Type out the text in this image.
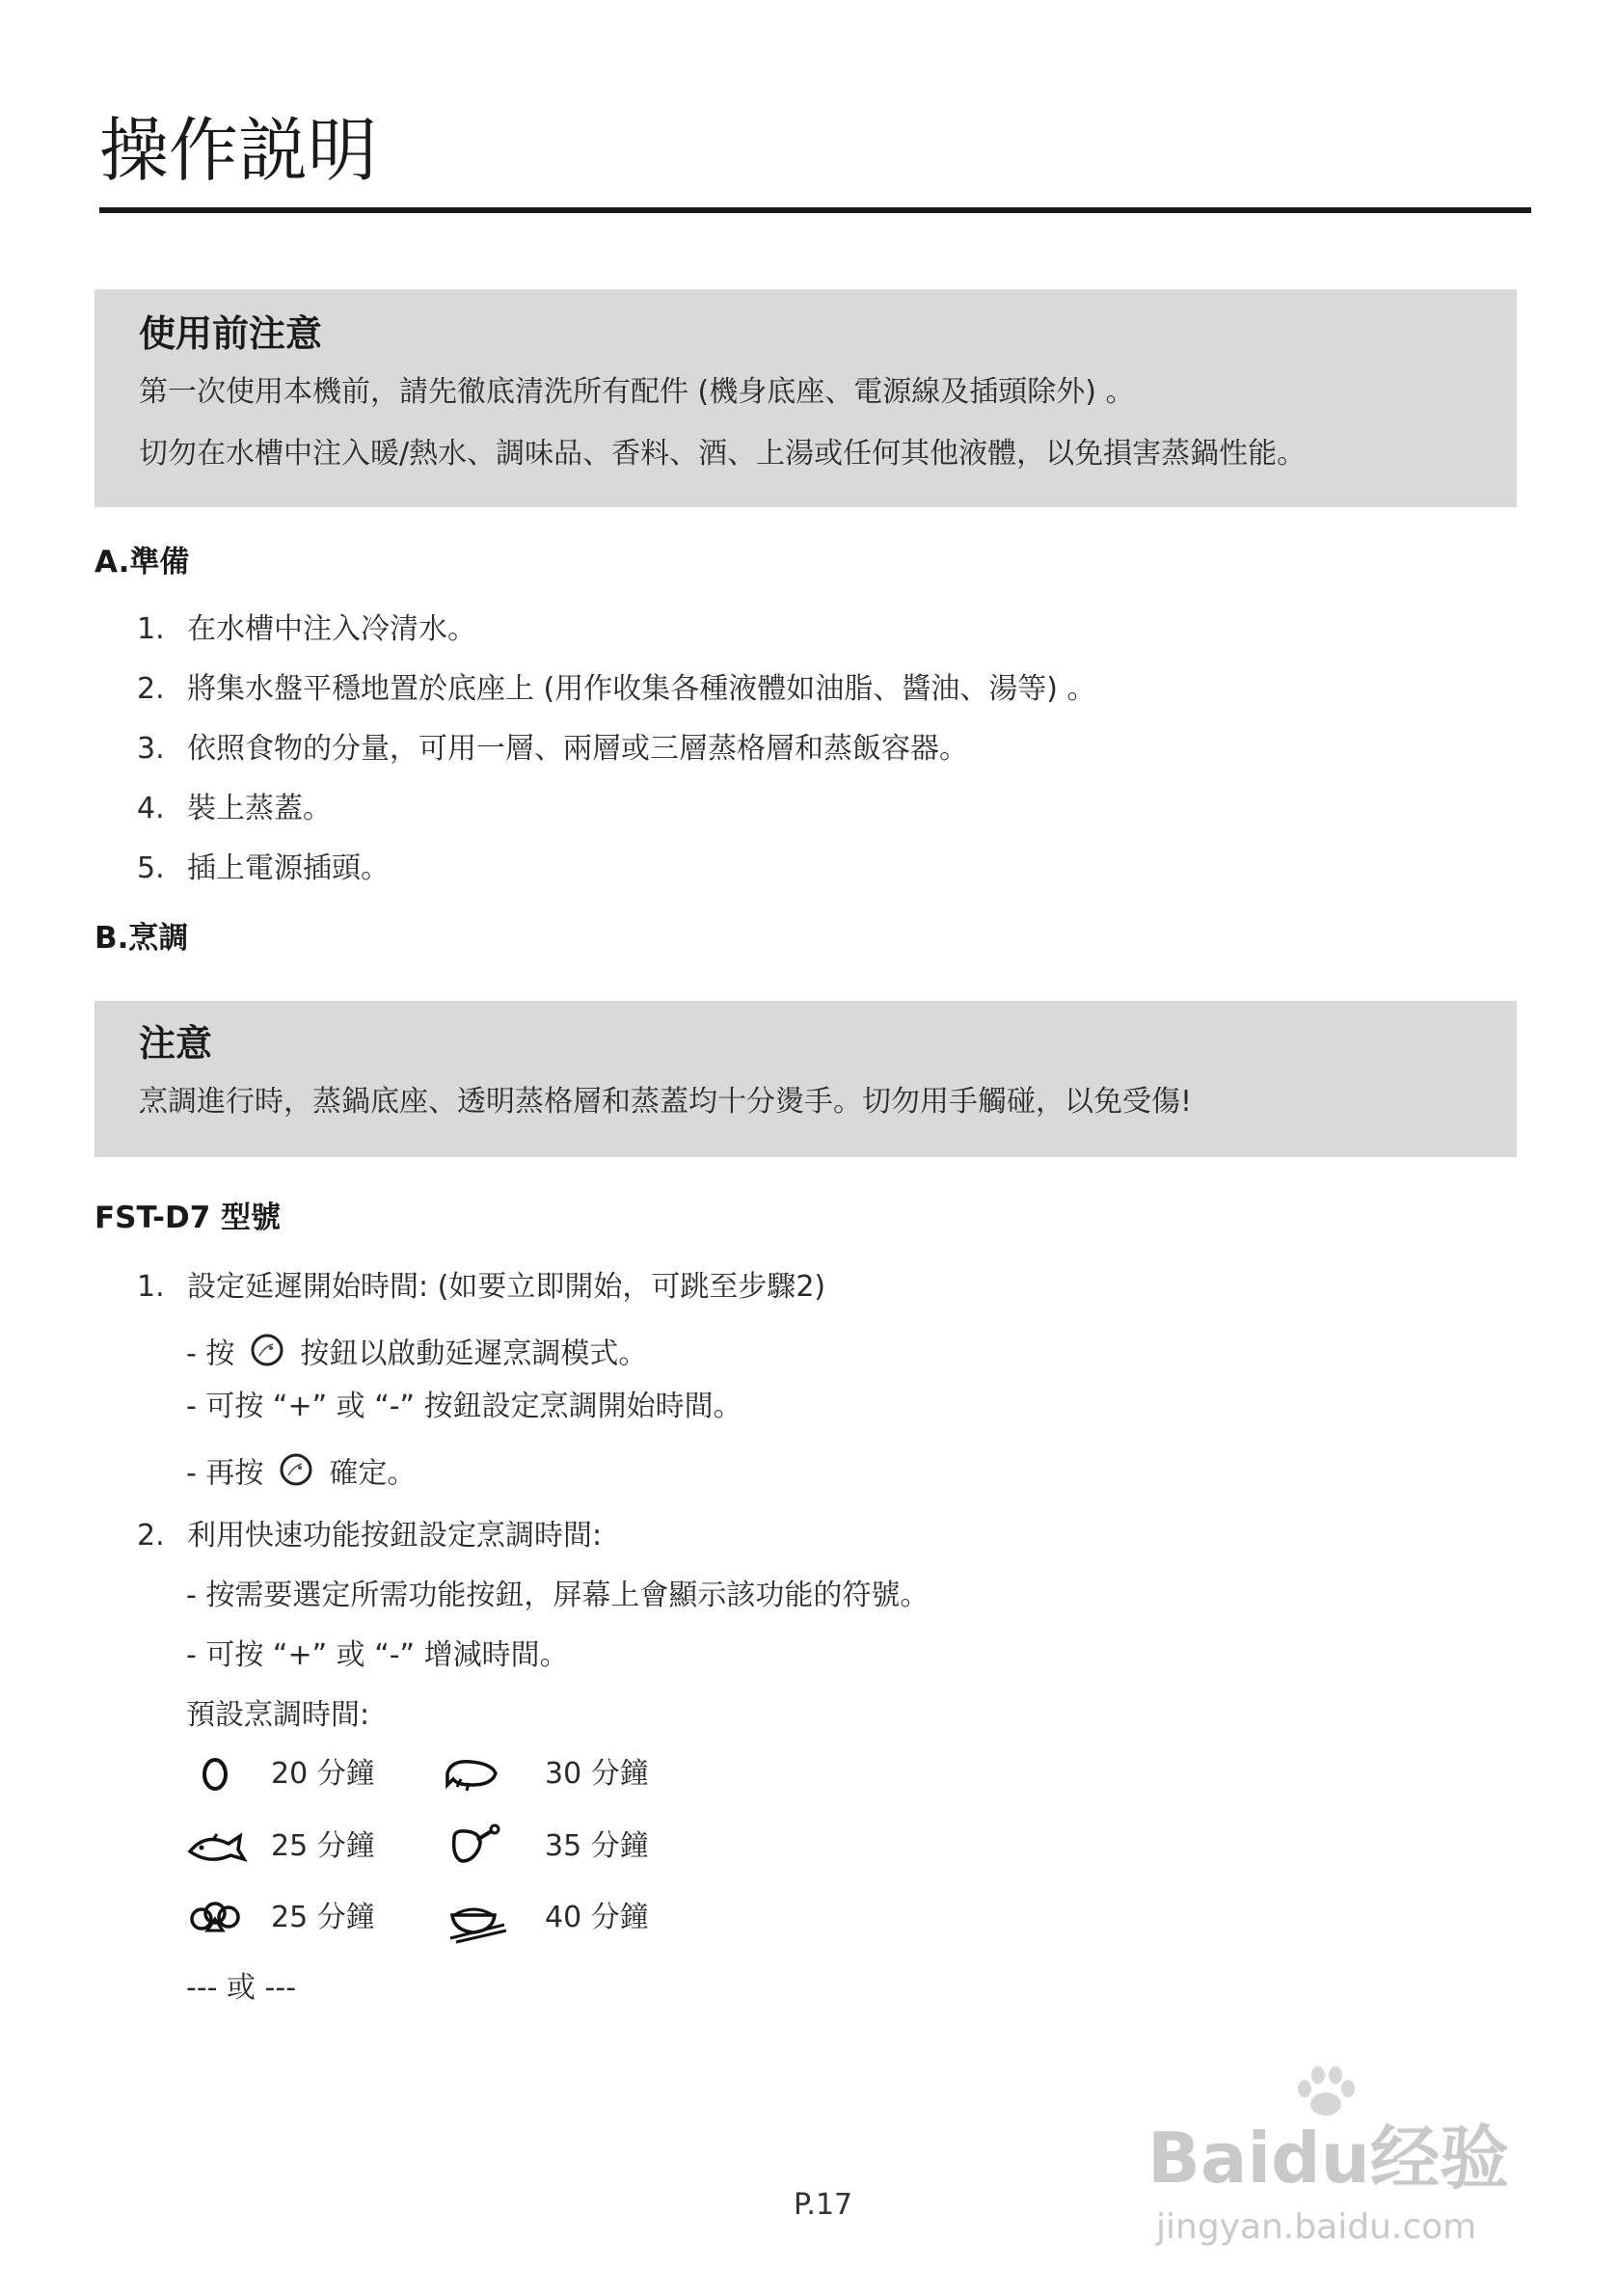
操作説明
使用前注意
第一次使用本機前，請先徹底清洗所有配件 (機身底座、電源線及插頭除外) 。
切勿在水槽中注入暖/熱水、調味品、香料、酒、上湯或任何其他液體，以免損害蒸鍋性能。
A.準備
1. 在水槽中注入冷清水。
2. 將集水盤平穩地置於底座上 (用作收集各種液體如油脂、醬油、湯等) 。
3. 依照食物的分量，可用一層、兩層或三層蒸格層和蒸飯容器。
4. 裝上蒸蓋。
5. 插上電源插頭。
B.烹調
注意
烹調進行時，蒸鍋底座、透明蒸格層和蒸蓋均十分燙手。切勿用手觸碰，以免受傷!
FST-D7 型號
1. 設定延遲開始時間: (如要立即開始，可跳至步驟2)
- 按 按鈕以啟動延遲烹調模式。
- 可按 “+” 或 “-” 按鈕設定烹調開始時間。
- 再按 確定。
2. 利用快速功能按鈕設定烹調時間:
- 按需要選定所需功能按鈕，屏幕上會顯示該功能的符號。
- 可按 “+” 或 “-” 增減時間。
預設烹調時間:
20 分鐘	30 分鐘
25 分鐘	35 分鐘
25 分鐘	40 分鐘
--- 或 ---
P.17
Baidu经验
jingyan.baidu.com
